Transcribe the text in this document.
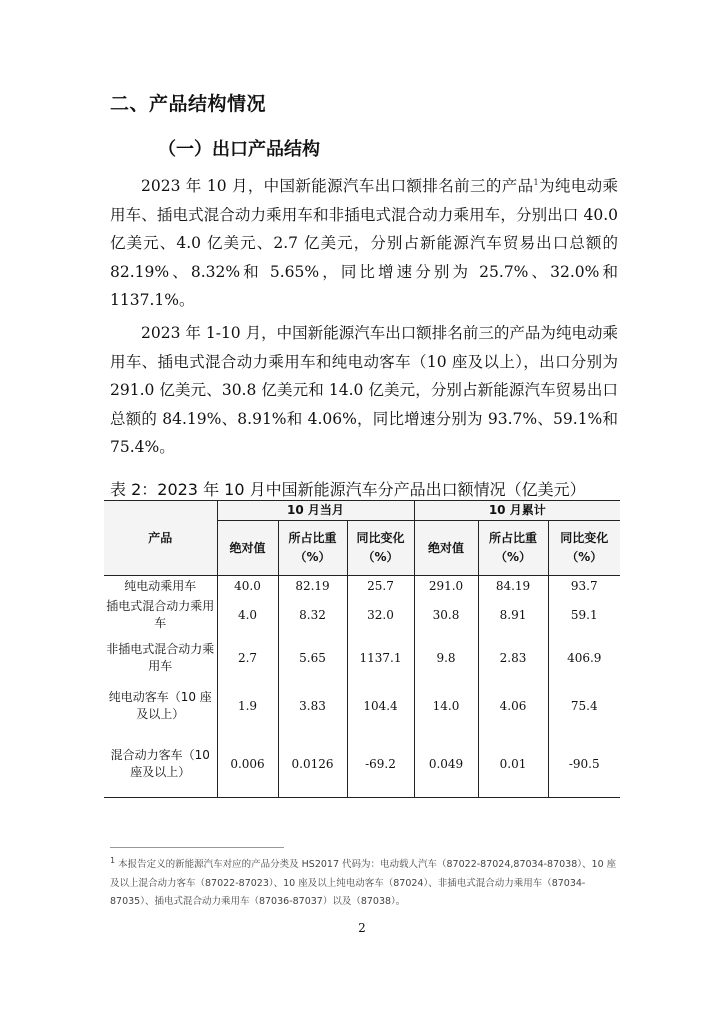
二、产品结构情况
（一）出口产品结构
2023 年 10 月，中国新能源汽车出口额排名前三的产品$^1$为纯电动乘用车、插电式混合动力乘用车和非插电式混合动力乘用车，分别出口 40.0 亿美元、4.0 亿美元、2.7 亿美元，分别占新能源汽车贸易出口总额的 82.19%、8.32%和 5.65%，同比增速分别为 25.7%、32.0%和 1137.1%。
2023 年 1-10 月，中国新能源汽车出口额排名前三的产品为纯电动乘用车、插电式混合动力乘用车和纯电动客车（10 座及以上），出口分别为 291.0 亿美元、30.8 亿美元和 14.0 亿美元，分别占新能源汽车贸易出口总额的 84.19%、8.91%和 4.06%，同比增速分别为 93.7%、59.1%和 75.4%。
表 2：2023 年 10 月中国新能源汽车分产品出口额情况（亿美元）
产品	10 月当月			10 月累计		
	绝对值	所占比重（%）	同比变化（%）	绝对值	所占比重（%）	同比变化（%）
纯电动乘用车	40.0	82.19	25.7	291.0	84.19	93.7
插电式混合动力乘用车	4.0	8.32	32.0	30.8	8.91	59.1
非插电式混合动力乘用车	2.7	5.65	1137.1	9.8	2.83	406.9
纯电动客车（10 座及以上）	1.9	3.83	104.4	14.0	4.06	75.4
混合动力客车（10 座及以上）	0.006	0.0126	-69.2	0.049	0.01	-90.5
$^1$ 本报告定义的新能源汽车对应的产品分类及 HS2017 代码为：电动载人汽车（87022-87024,87034-87038）、10 座及以上混合动力客车（87022-87023）、10 座及以上纯电动客车（87024）、非插电式混合动力乘用车（87034-87035）、插电式混合动力乘用车（87036-87037）以及（87038）。
2
